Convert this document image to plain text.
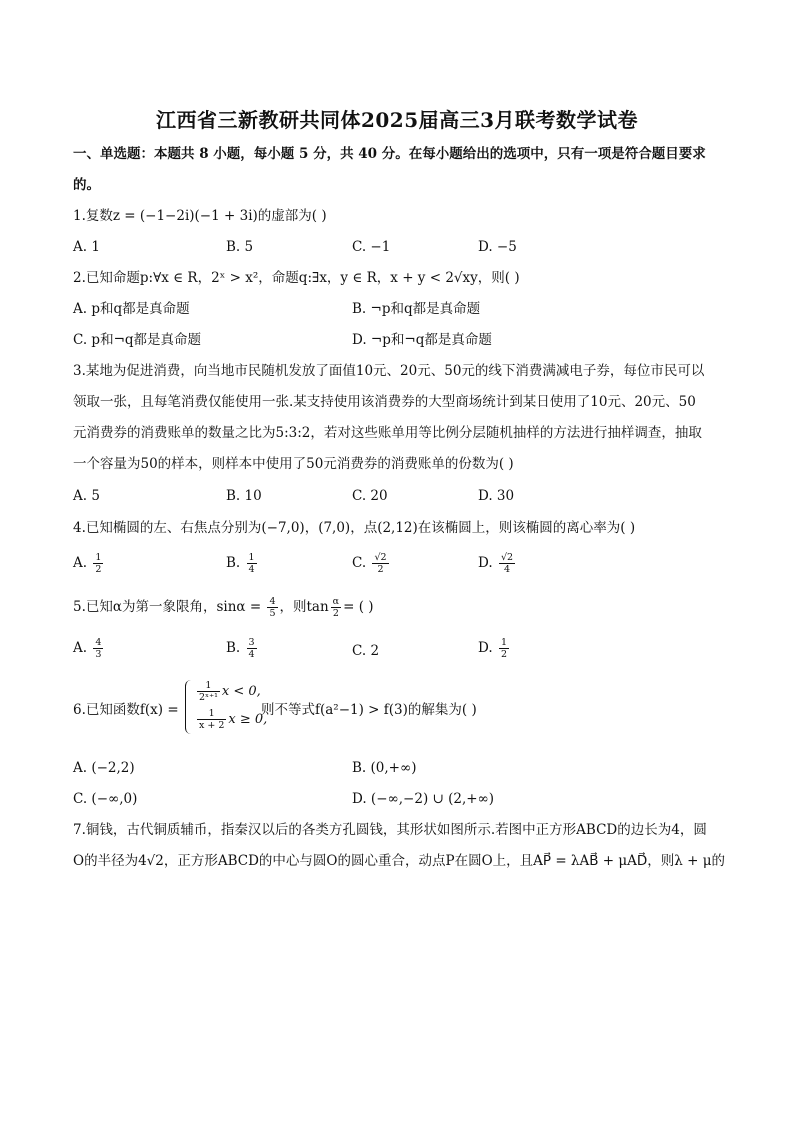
江西省三新教研共同体2025届高三3月联考数学试卷
一、单选题：本题共 8 小题，每小题 5 分，共 40 分。在每小题给出的选项中，只有一项是符合题目要求
的。
1.复数z = (−1−2i)(−1 + 3i)的虚部为( )
A. 1	B. 5	C. −1	D. −5
2.已知命题p:∀x ∈ R，2ˣ > x²，命题q:∃x，y ∈ R，x + y < 2√xy，则( )
A. p和q都是真命题	B. ¬p和q都是真命题
C. p和¬q都是真命题	D. ¬p和¬q都是真命题
3.某地为促进消费，向当地市民随机发放了面值10元、20元、50元的线下消费满减电子券，每位市民可以
领取一张，且每笔消费仅能使用一张.某支持使用该消费券的大型商场统计到某日使用了10元、20元、50
元消费券的消费账单的数量之比为5:3:2，若对这些账单用等比例分层随机抽样的方法进行抽样调查，抽取
一个容量为50的样本，则样本中使用了50元消费券的消费账单的份数为( )
A. 5	B. 10	C. 20	D. 30
4.已知椭圆的左、右焦点分别为(−7,0)，(7,0)，点(2,12)在该椭圆上，则该椭圆的离心率为( )
A. $\frac{1}{2}$	B. $\frac{1}{4}$	C. $\frac{√2}{2}$	D. $\frac{√2}{4}$
5.已知α为第一象限角，$\sin\alpha = \frac{4}{5}$ ，则$\tan \frac{\alpha}{2}$ = ( )
A. $\frac{4}{3}$	B. $\frac{3}{4}$	C. 2	D. $\frac{1}{2}$
6.已知函数f(x) =
$\frac{1}{\text{2ˣ⁺¹}}$ x < 0,
$\frac{1}{x + 2}$ x ≥ 0,
则不等式f(a²−1) > f(3)的解集为( )
A. (−2,2)	B. (0,+∞)
C. (−∞,0)	D. (−∞,−2) ∪ (2,+∞)
7.铜钱，古代铜质辅币，指秦汉以后的各类方孔圆钱，其形状如图所示.若图中正方形ABCD的边长为4，圆
O的半径为4√2，正方形ABCD的中心与圆O的圆心重合，动点P在圆O上，且AP⃗ = λAB⃗ + μAD⃗，则λ + μ的
